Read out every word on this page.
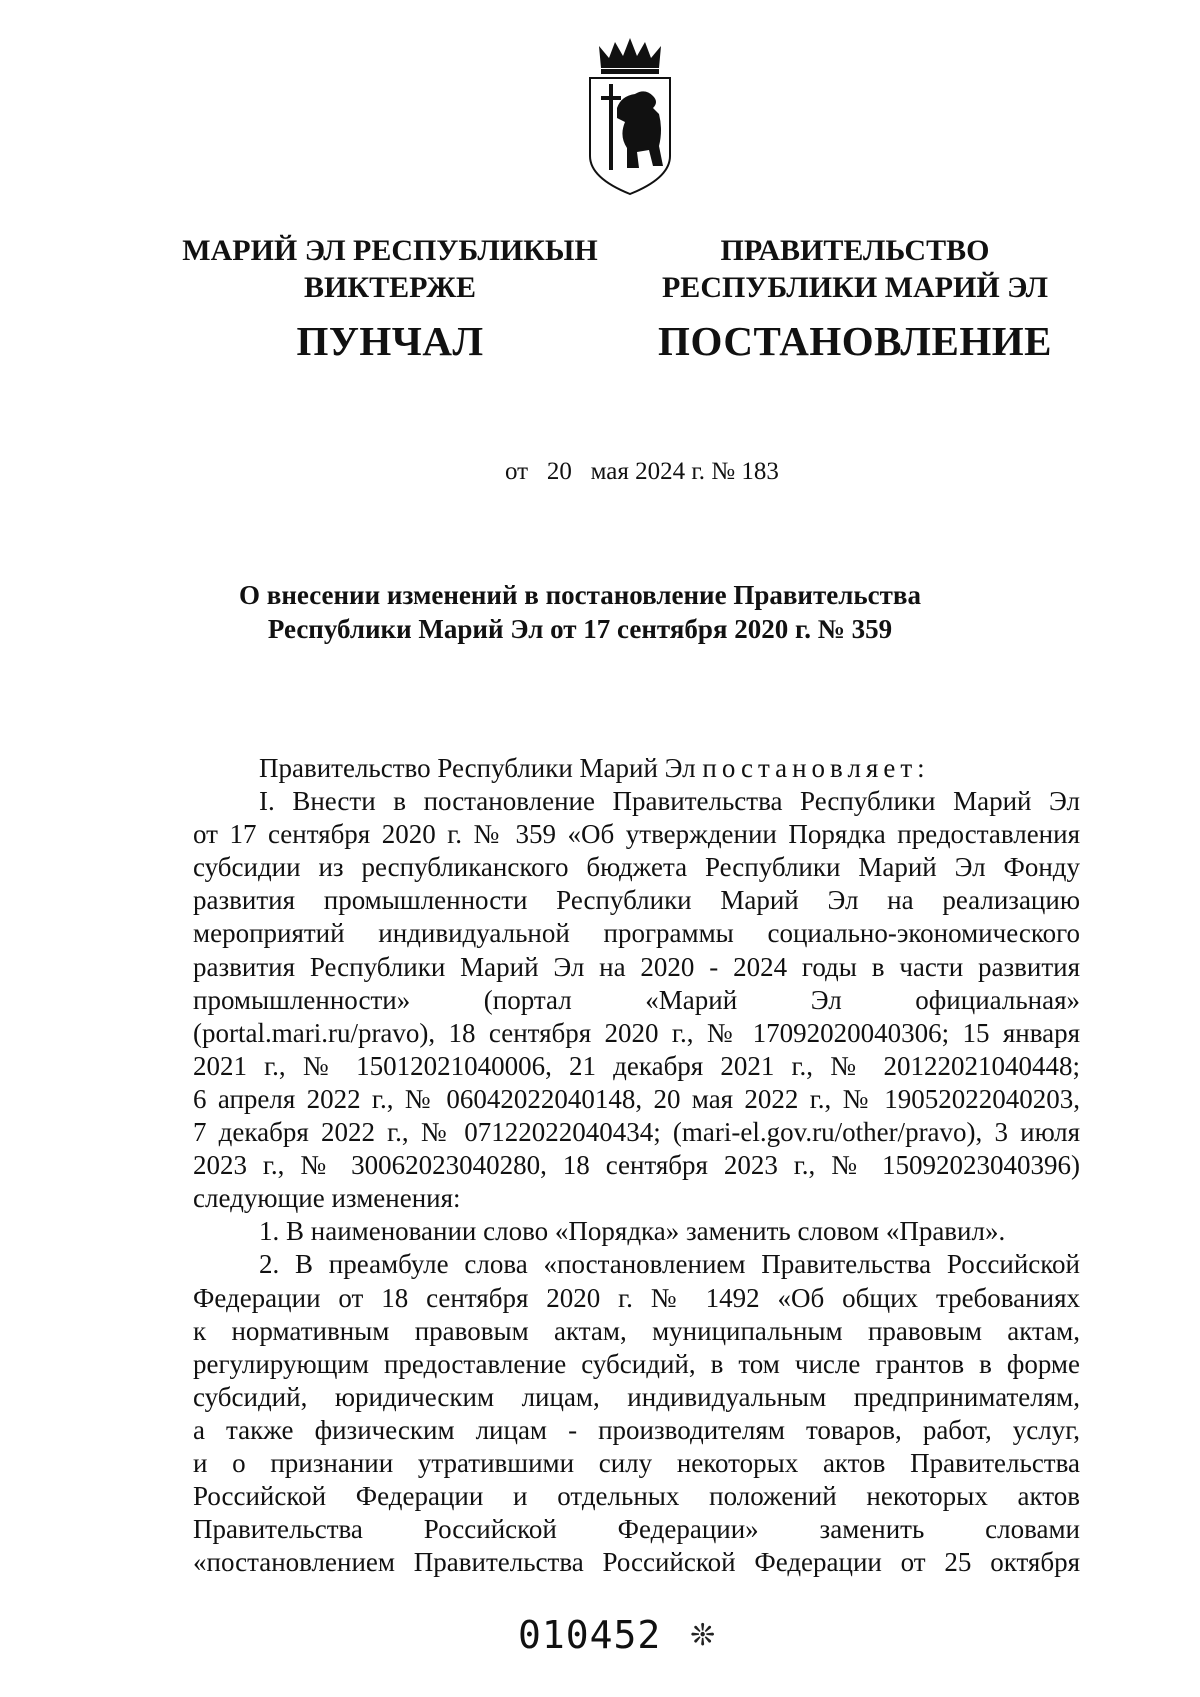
МАРИЙ ЭЛ РЕСПУБЛИКЫН
ВИКТЕРЖЕ
ПУНЧАЛ
ПРАВИТЕЛЬСТВО
РЕСПУБЛИКИ МАРИЙ ЭЛ
ПОСТАНОВЛЕНИЕ
от   20   мая 2024 г. № 183
О внесении изменений в постановление Правительства
Республики Марий Эл от 17 сентября 2020 г. № 359
Правительство Республики Марий Эл постановляет:
I. Внести в постановление Правительства Республики Марий Эл
от 17 сентября 2020 г. № 359 «Об утверждении Порядка предоставления
субсидии из республиканского бюджета Республики Марий Эл Фонду
развития промышленности Республики Марий Эл на реализацию
мероприятий индивидуальной программы социально-экономического
развития Республики Марий Эл на 2020 - 2024 годы в части развития
промышленности» (портал «Марий Эл официальная»
(portal.mari.ru/pravo), 18 сентября 2020 г., № 17092020040306; 15 января
2021 г., № 15012021040006, 21 декабря 2021 г., № 20122021040448;
6 апреля 2022 г., № 06042022040148, 20 мая 2022 г., № 19052022040203,
7 декабря 2022 г., № 07122022040434; (mari-el.gov.ru/other/pravo), 3 июля
2023 г., № 30062023040280, 18 сентября 2023 г., № 15092023040396)
следующие изменения:
1. В наименовании слово «Порядка» заменить словом «Правил».
2. В преамбуле слова «постановлением Правительства Российской
Федерации от 18 сентября 2020 г. № 1492 «Об общих требованиях
к нормативным правовым актам, муниципальным правовым актам,
регулирующим предоставление субсидий, в том числе грантов в форме
субсидий, юридическим лицам, индивидуальным предпринимателям,
а также физическим лицам - производителям товаров, работ, услуг,
и о признании утратившими силу некоторых актов Правительства
Российской Федерации и отдельных положений некоторых актов
Правительства Российской Федерации» заменить словами
«постановлением Правительства Российской Федерации от 25 октября
010452 ❊
